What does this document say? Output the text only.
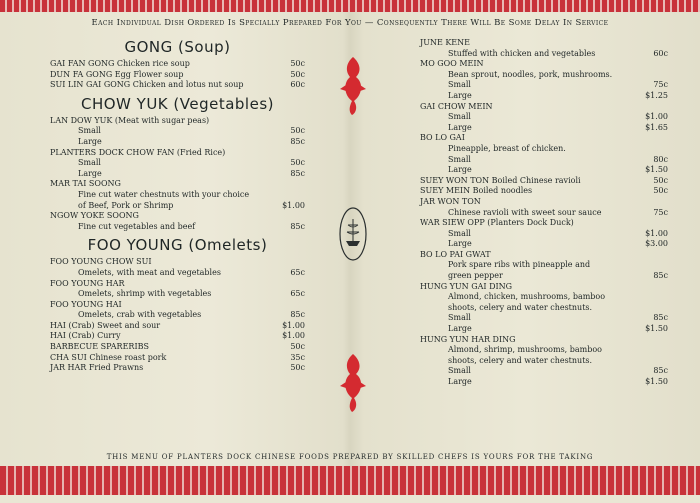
Each Individual Dish Ordered Is Specially Prepared For You — Consequently There Will Be Some Delay In Service
GONG (Soup)
GAI FAN GONG Chicken rice soup	50c
DUN FA GONG Egg Flower soup	50c
SUI LIN GAI GONG Chicken and lotus nut soup	60c
CHOW YUK (Vegetables)
LAN DOW YUK (Meat with sugar peas)
Small	50c
Large	85c
PLANTERS DOCK CHOW FAN (Fried Rice)
Small	50c
Large	85c
MAR TAI SOONG
Fine cut water chestnuts with your choice
of Beef, Pork or Shrimp	$1.00
NGOW YOKE SOONG
Fine cut vegetables and beef	85c
FOO YOUNG (Omelets)
FOO YOUNG CHOW SUI
Omelets, with meat and vegetables	65c
FOO YOUNG HAR
Omelets, shrimp with vegetables	65c
FOO YOUNG HAI
Omelets, crab with vegetables	85c
HAI (Crab) Sweet and sour	$1.00
HAI (Crab) Curry	$1.00
BARBECUE SPARERIBS	50c
CHA SUI Chinese roast pork	35c
JAR HAR Fried Prawns	50c
JUNE KENE
Stuffed with chicken and vegetables	60c
MO GOO MEIN
Bean sprout, noodles, pork, mushrooms.
Small	75c
Large	$1.25
GAI CHOW MEIN
Small	$1.00
Large	$1.65
BO LO GAI
Pineapple, breast of chicken.
Small	80c
Large	$1.50
SUEY WON TON Boiled Chinese ravioli	50c
SUEY MEIN Boiled noodles	50c
JAR WON TON
Chinese ravioli with sweet sour sauce	75c
WAR SIEW OPP (Planters Dock Duck)
Small	$1.00
Large	$3.00
BO LO PAI GWAT
Pork spare ribs with pineapple and
green pepper	85c
HUNG YUN GAI DING
Almond, chicken, mushrooms, bamboo
shoots, celery and water chestnuts.
Small	85c
Large	$1.50
HUNG YUN HAR DING
Almond, shrimp, mushrooms, bamboo
shoots, celery and water chestnuts.
Small	85c
Large	$1.50
THIS MENU OF PLANTERS DOCK CHINESE FOODS PREPARED BY SKILLED CHEFS IS YOURS FOR THE TAKING
